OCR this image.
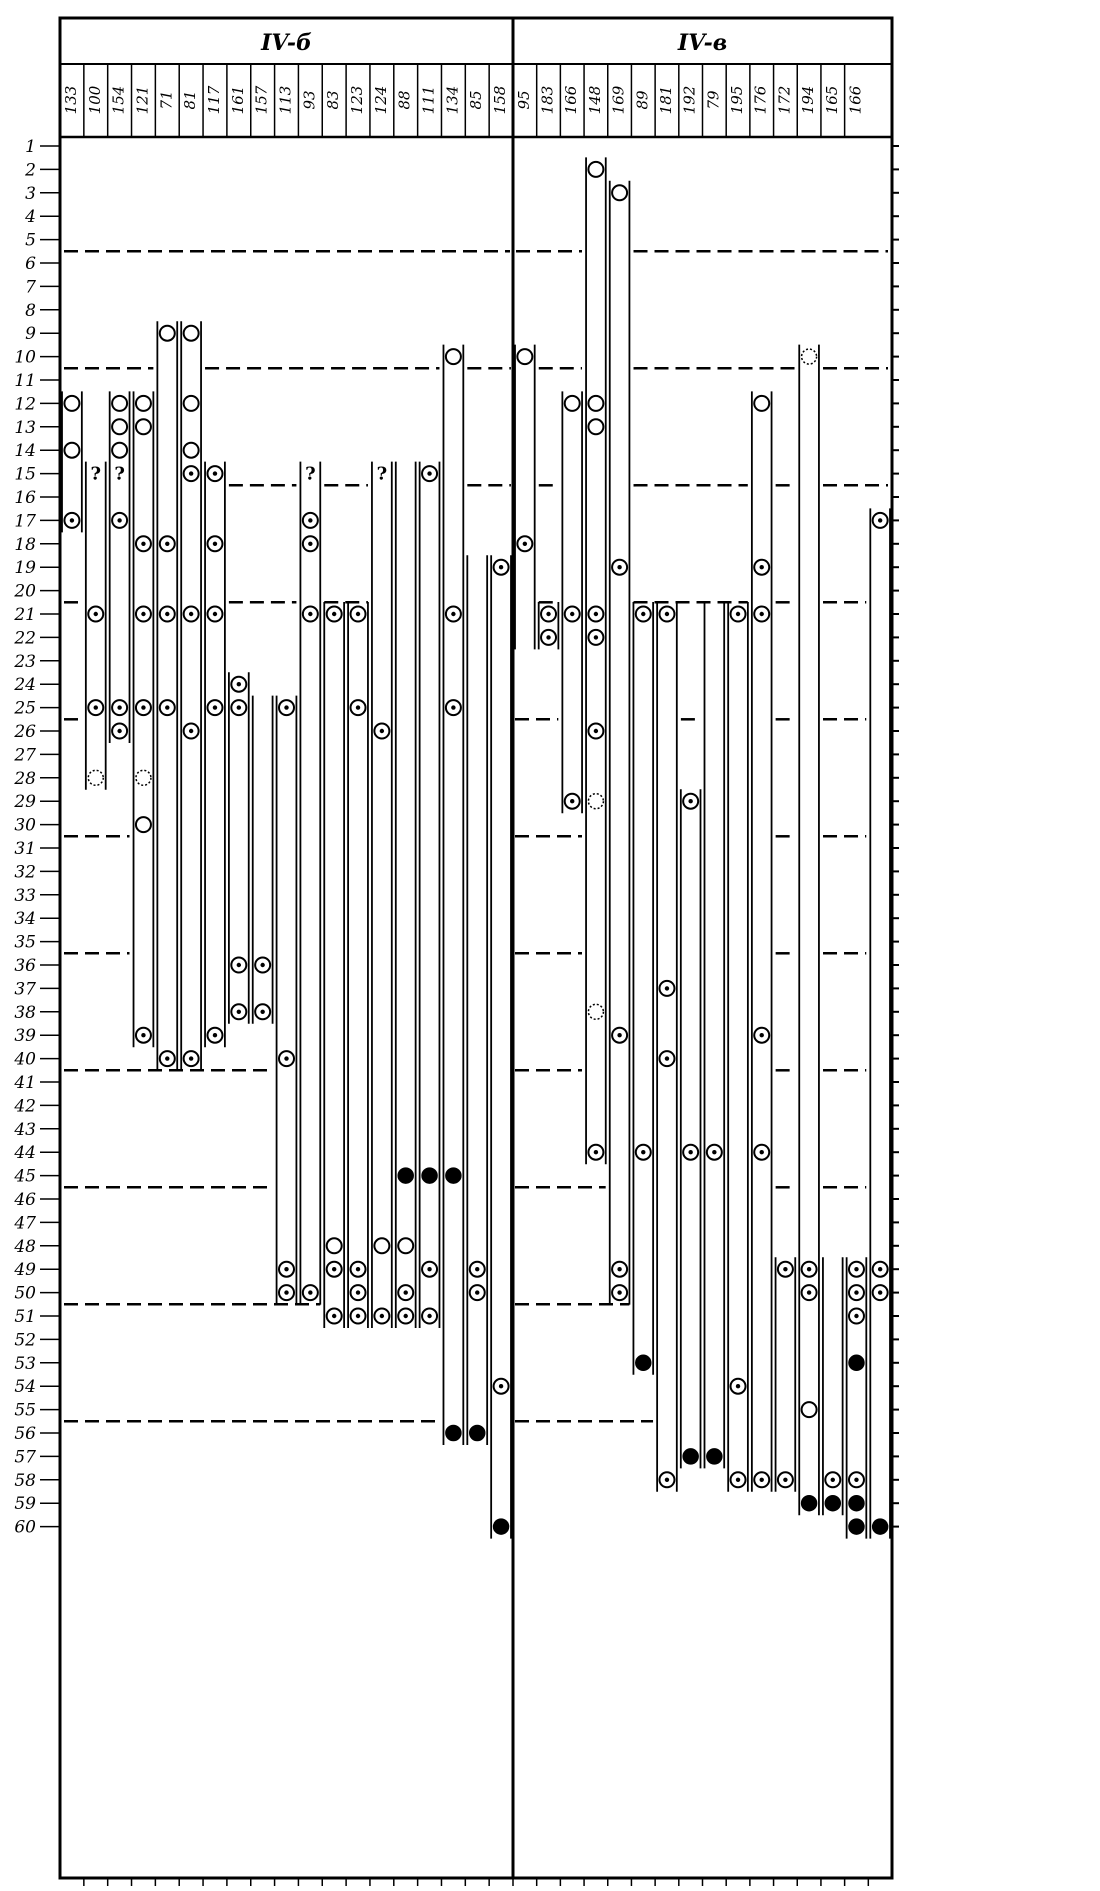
IV-б
133 100 154 121 71 81 117 161 157 113 93 83 123 124 88 111 134 85 158
IV-в
95 183 166 148 169 89 181 192 79 195 176 172 194 165 166
1
2
3
4
5
6
7
8
9
10
11
12
13
14
15
16
17
18
19
20
21
22
23
24
25
26
27
28
29
30
31
32
33
34
35
36
37
38
39
40
41
42
43
44
45
46
47
48
49
50
51
52
53
54
55
56
57
58
59
60
? ?	?	?
